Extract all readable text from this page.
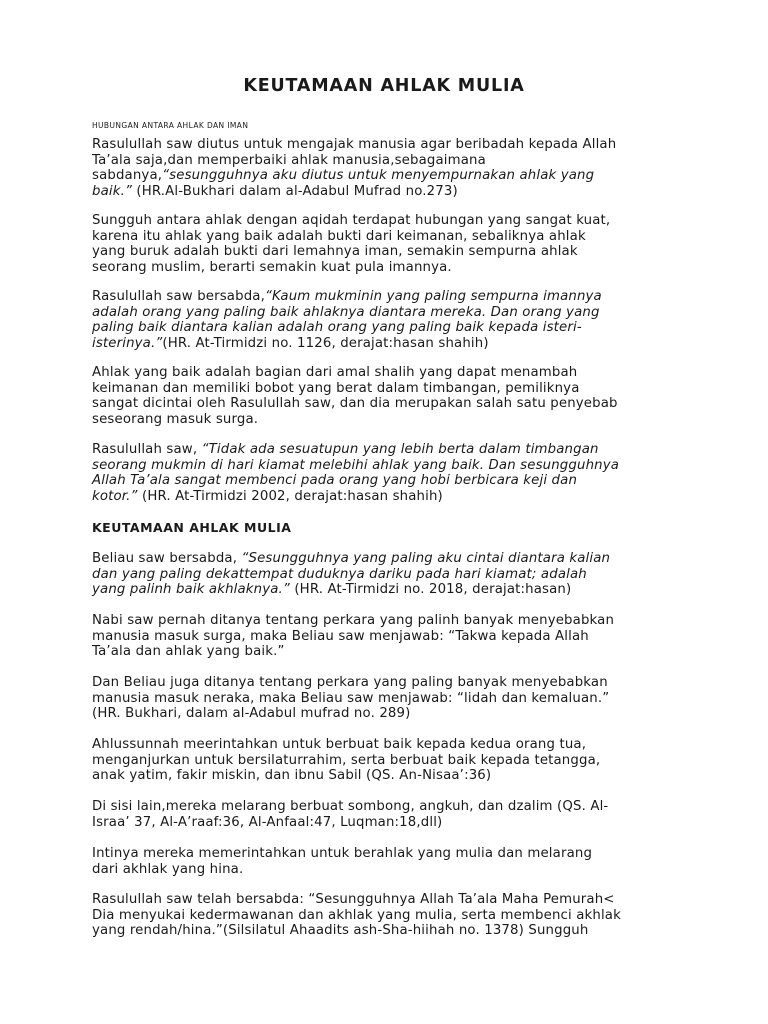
KEUTAMAAN AHLAK MULIA

HUBUNGAN ANTARA AHLAK DAN IMAN

Rasulullah saw diutus untuk mengajak manusia agar beribadah kepada Allah
Ta’ala saja,dan memperbaiki ahlak manusia,sebagaimana
sabdanya,“sesungguhnya aku diutus untuk menyempurnakan ahlak yang
baik.” (HR.Al-Bukhari dalam al-Adabul Mufrad no.273)

Sungguh antara ahlak dengan aqidah terdapat hubungan yang sangat kuat,
karena itu ahlak yang baik adalah bukti dari keimanan, sebaliknya ahlak
yang buruk adalah bukti dari lemahnya iman, semakin sempurna ahlak
seorang muslim, berarti semakin kuat pula imannya.

Rasulullah saw bersabda,“Kaum mukminin yang paling sempurna imannya
adalah orang yang paling baik ahlaknya diantara mereka. Dan orang yang
paling baik diantara kalian adalah orang yang paling baik kepada isteri-
isterinya.”(HR. At-Tirmidzi no. 1126, derajat:hasan shahih)

Ahlak yang baik adalah bagian dari amal shalih yang dapat menambah
keimanan dan memiliki bobot yang berat dalam timbangan, pemiliknya
sangat dicintai oleh Rasulullah saw, dan dia merupakan salah satu penyebab
seseorang masuk surga.

Rasulullah saw, “Tidak ada sesuatupun yang lebih berta dalam timbangan
seorang mukmin di hari kiamat melebihi ahlak yang baik. Dan sesungguhnya
Allah Ta’ala sangat membenci pada orang yang hobi berbicara keji dan
kotor.” (HR. At-Tirmidzi 2002, derajat:hasan shahih)

KEUTAMAAN AHLAK MULIA

Beliau saw bersabda, “Sesungguhnya yang paling aku cintai diantara kalian
dan yang paling dekattempat duduknya dariku pada hari kiamat; adalah
yang palinh baik akhlaknya.” (HR. At-Tirmidzi no. 2018, derajat:hasan)

Nabi saw pernah ditanya tentang perkara yang palinh banyak menyebabkan
manusia masuk surga, maka Beliau saw menjawab: “Takwa kepada Allah
Ta’ala dan ahlak yang baik.”

Dan Beliau juga ditanya tentang perkara yang paling banyak menyebabkan
manusia masuk neraka, maka Beliau saw menjawab: “lidah dan kemaluan.”
(HR. Bukhari, dalam al-Adabul mufrad no. 289)

Ahlussunnah meerintahkan untuk berbuat baik kepada kedua orang tua,
menganjurkan untuk bersilaturrahim, serta berbuat baik kepada tetangga,
anak yatim, fakir miskin, dan ibnu Sabil (QS. An-Nisaa’:36)

Di sisi lain,mereka melarang berbuat sombong, angkuh, dan dzalim (QS. Al-
Israa’ 37, Al-A’raaf:36, Al-Anfaal:47, Luqman:18,dll)

Intinya mereka memerintahkan untuk berahlak yang mulia dan melarang
dari akhlak yang hina.

Rasulullah saw telah bersabda: “Sesungguhnya Allah Ta’ala Maha Pemurah<
Dia menyukai kedermawanan dan akhlak yang mulia, serta membenci akhlak
yang rendah/hina.”(Silsilatul Ahaadits ash-Sha-hiihah no. 1378) Sungguh
